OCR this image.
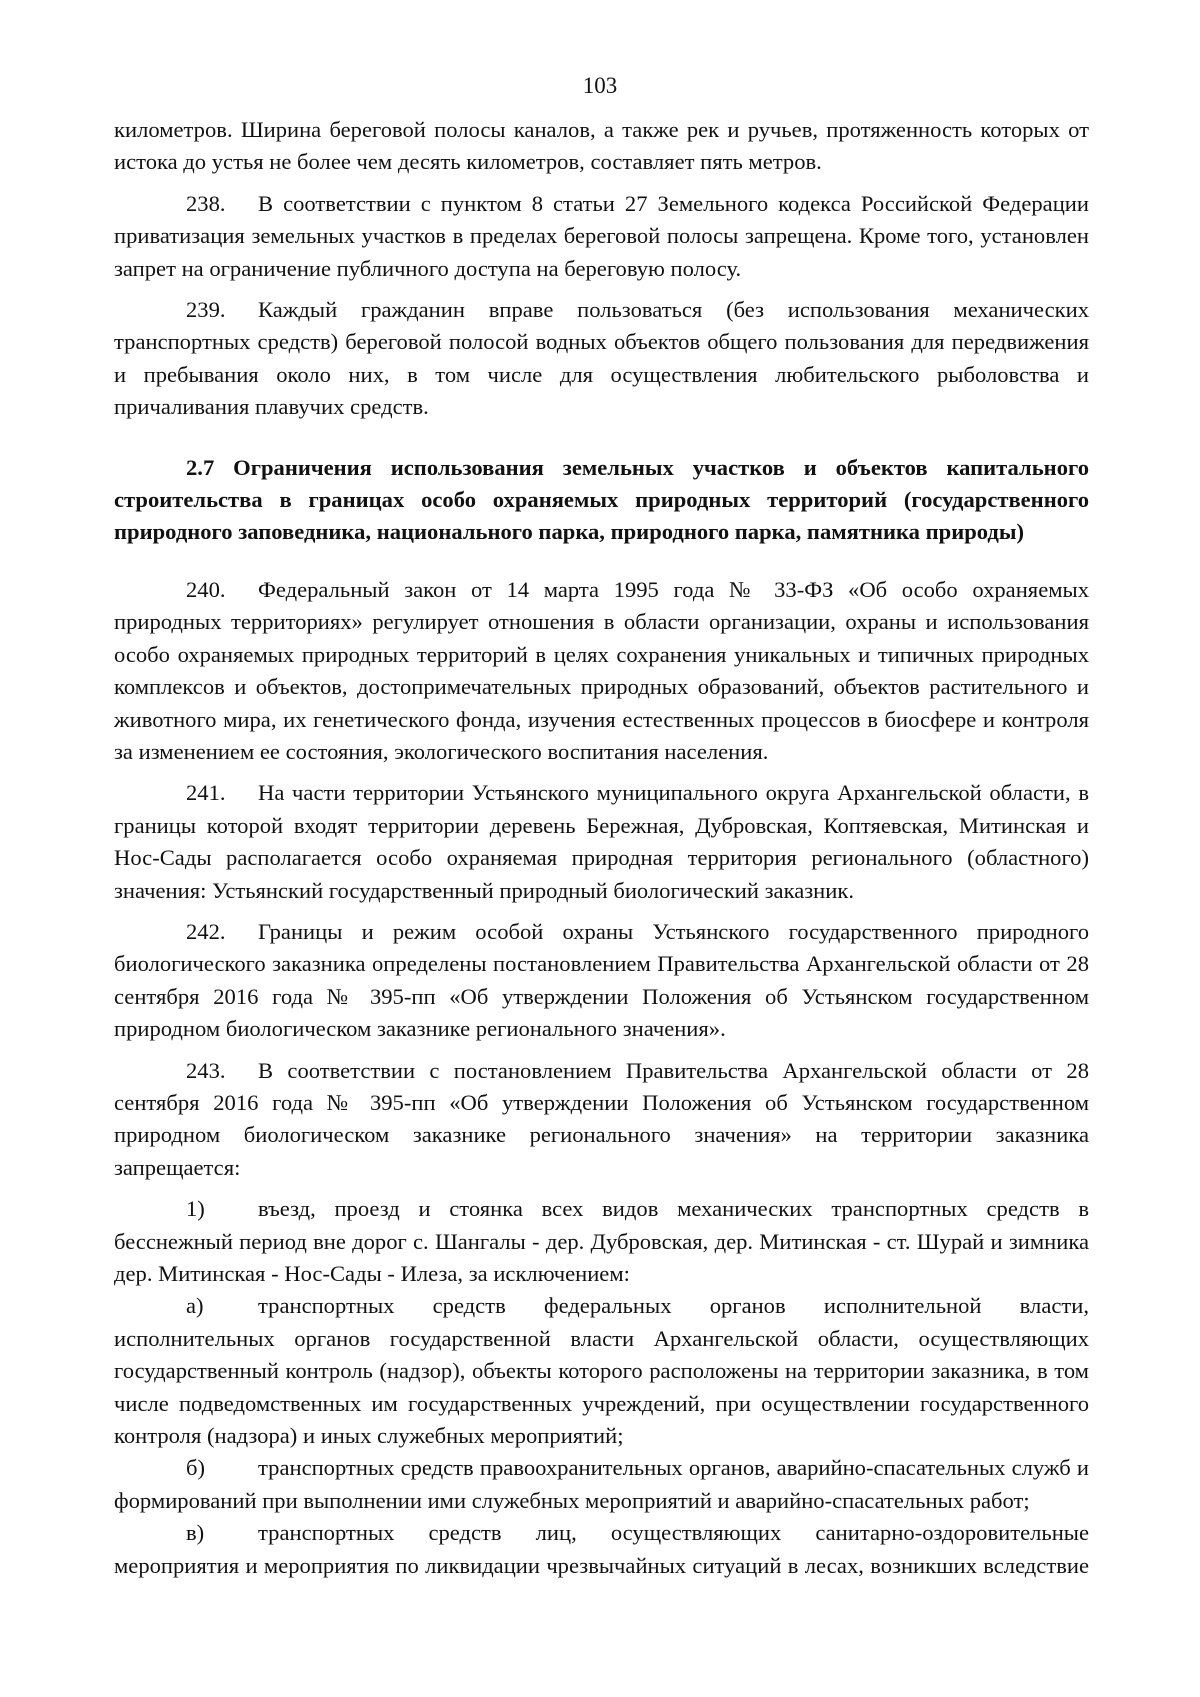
103

километров. Ширина береговой полосы каналов, а также рек и ручьев, протяженность которых от истока до устья не более чем десять километров, составляет пять метров.

238. В соответствии с пунктом 8 статьи 27 Земельного кодекса Российской Федерации приватизация земельных участков в пределах береговой полосы запрещена. Кроме того, установлен запрет на ограничение публичного доступа на береговую полосу.

239. Каждый гражданин вправе пользоваться (без использования механических транспортных средств) береговой полосой водных объектов общего пользования для передвижения и пребывания около них, в том числе для осуществления любительского рыболовства и причаливания плавучих средств.

2.7 Ограничения использования земельных участков и объектов капитального строительства в границах особо охраняемых природных территорий (государственного природного заповедника, национального парка, природного парка, памятника природы)

240. Федеральный закон от 14 марта 1995 года № 33-ФЗ «Об особо охраняемых природных территориях» регулирует отношения в области организации, охраны и использования особо охраняемых природных территорий в целях сохранения уникальных и типичных природных комплексов и объектов, достопримечательных природных образований, объектов растительного и животного мира, их генетического фонда, изучения естественных процессов в биосфере и контроля за изменением ее состояния, экологического воспитания населения.

241. На части территории Устьянского муниципального округа Архангельской области, в границы которой входят территории деревень Бережная, Дубровская, Коптяевская, Митинская и Нос-Сады располагается особо охраняемая природная территория регионального (областного) значения: Устьянский государственный природный биологический заказник.

242. Границы и режим особой охраны Устьянского государственного природного биологического заказника определены постановлением Правительства Архангельской области от 28 сентября 2016 года № 395-пп «Об утверждении Положения об Устьянском государственном природном биологическом заказнике регионального значения».

243. В соответствии с постановлением Правительства Архангельской области от 28 сентября 2016 года № 395-пп «Об утверждении Положения об Устьянском государственном природном биологическом заказнике регионального значения» на территории заказника запрещается:

1) въезд, проезд и стоянка всех видов механических транспортных средств в бесснежный период вне дорог с. Шангалы - дер. Дубровская, дер. Митинская - ст. Шурай и зимника дер. Митинская - Нос-Сады - Илеза, за исключением:

а) транспортных средств федеральных органов исполнительной власти, исполнительных органов государственной власти Архангельской области, осуществляющих государственный контроль (надзор), объекты которого расположены на территории заказника, в том числе подведомственных им государственных учреждений, при осуществлении государственного контроля (надзора) и иных служебных мероприятий;

б) транспортных средств правоохранительных органов, аварийно-спасательных служб и формирований при выполнении ими служебных мероприятий и аварийно-спасательных работ;

в) транспортных средств лиц, осуществляющих санитарно-оздоровительные мероприятия и мероприятия по ликвидации чрезвычайных ситуаций в лесах, возникших вследствие
